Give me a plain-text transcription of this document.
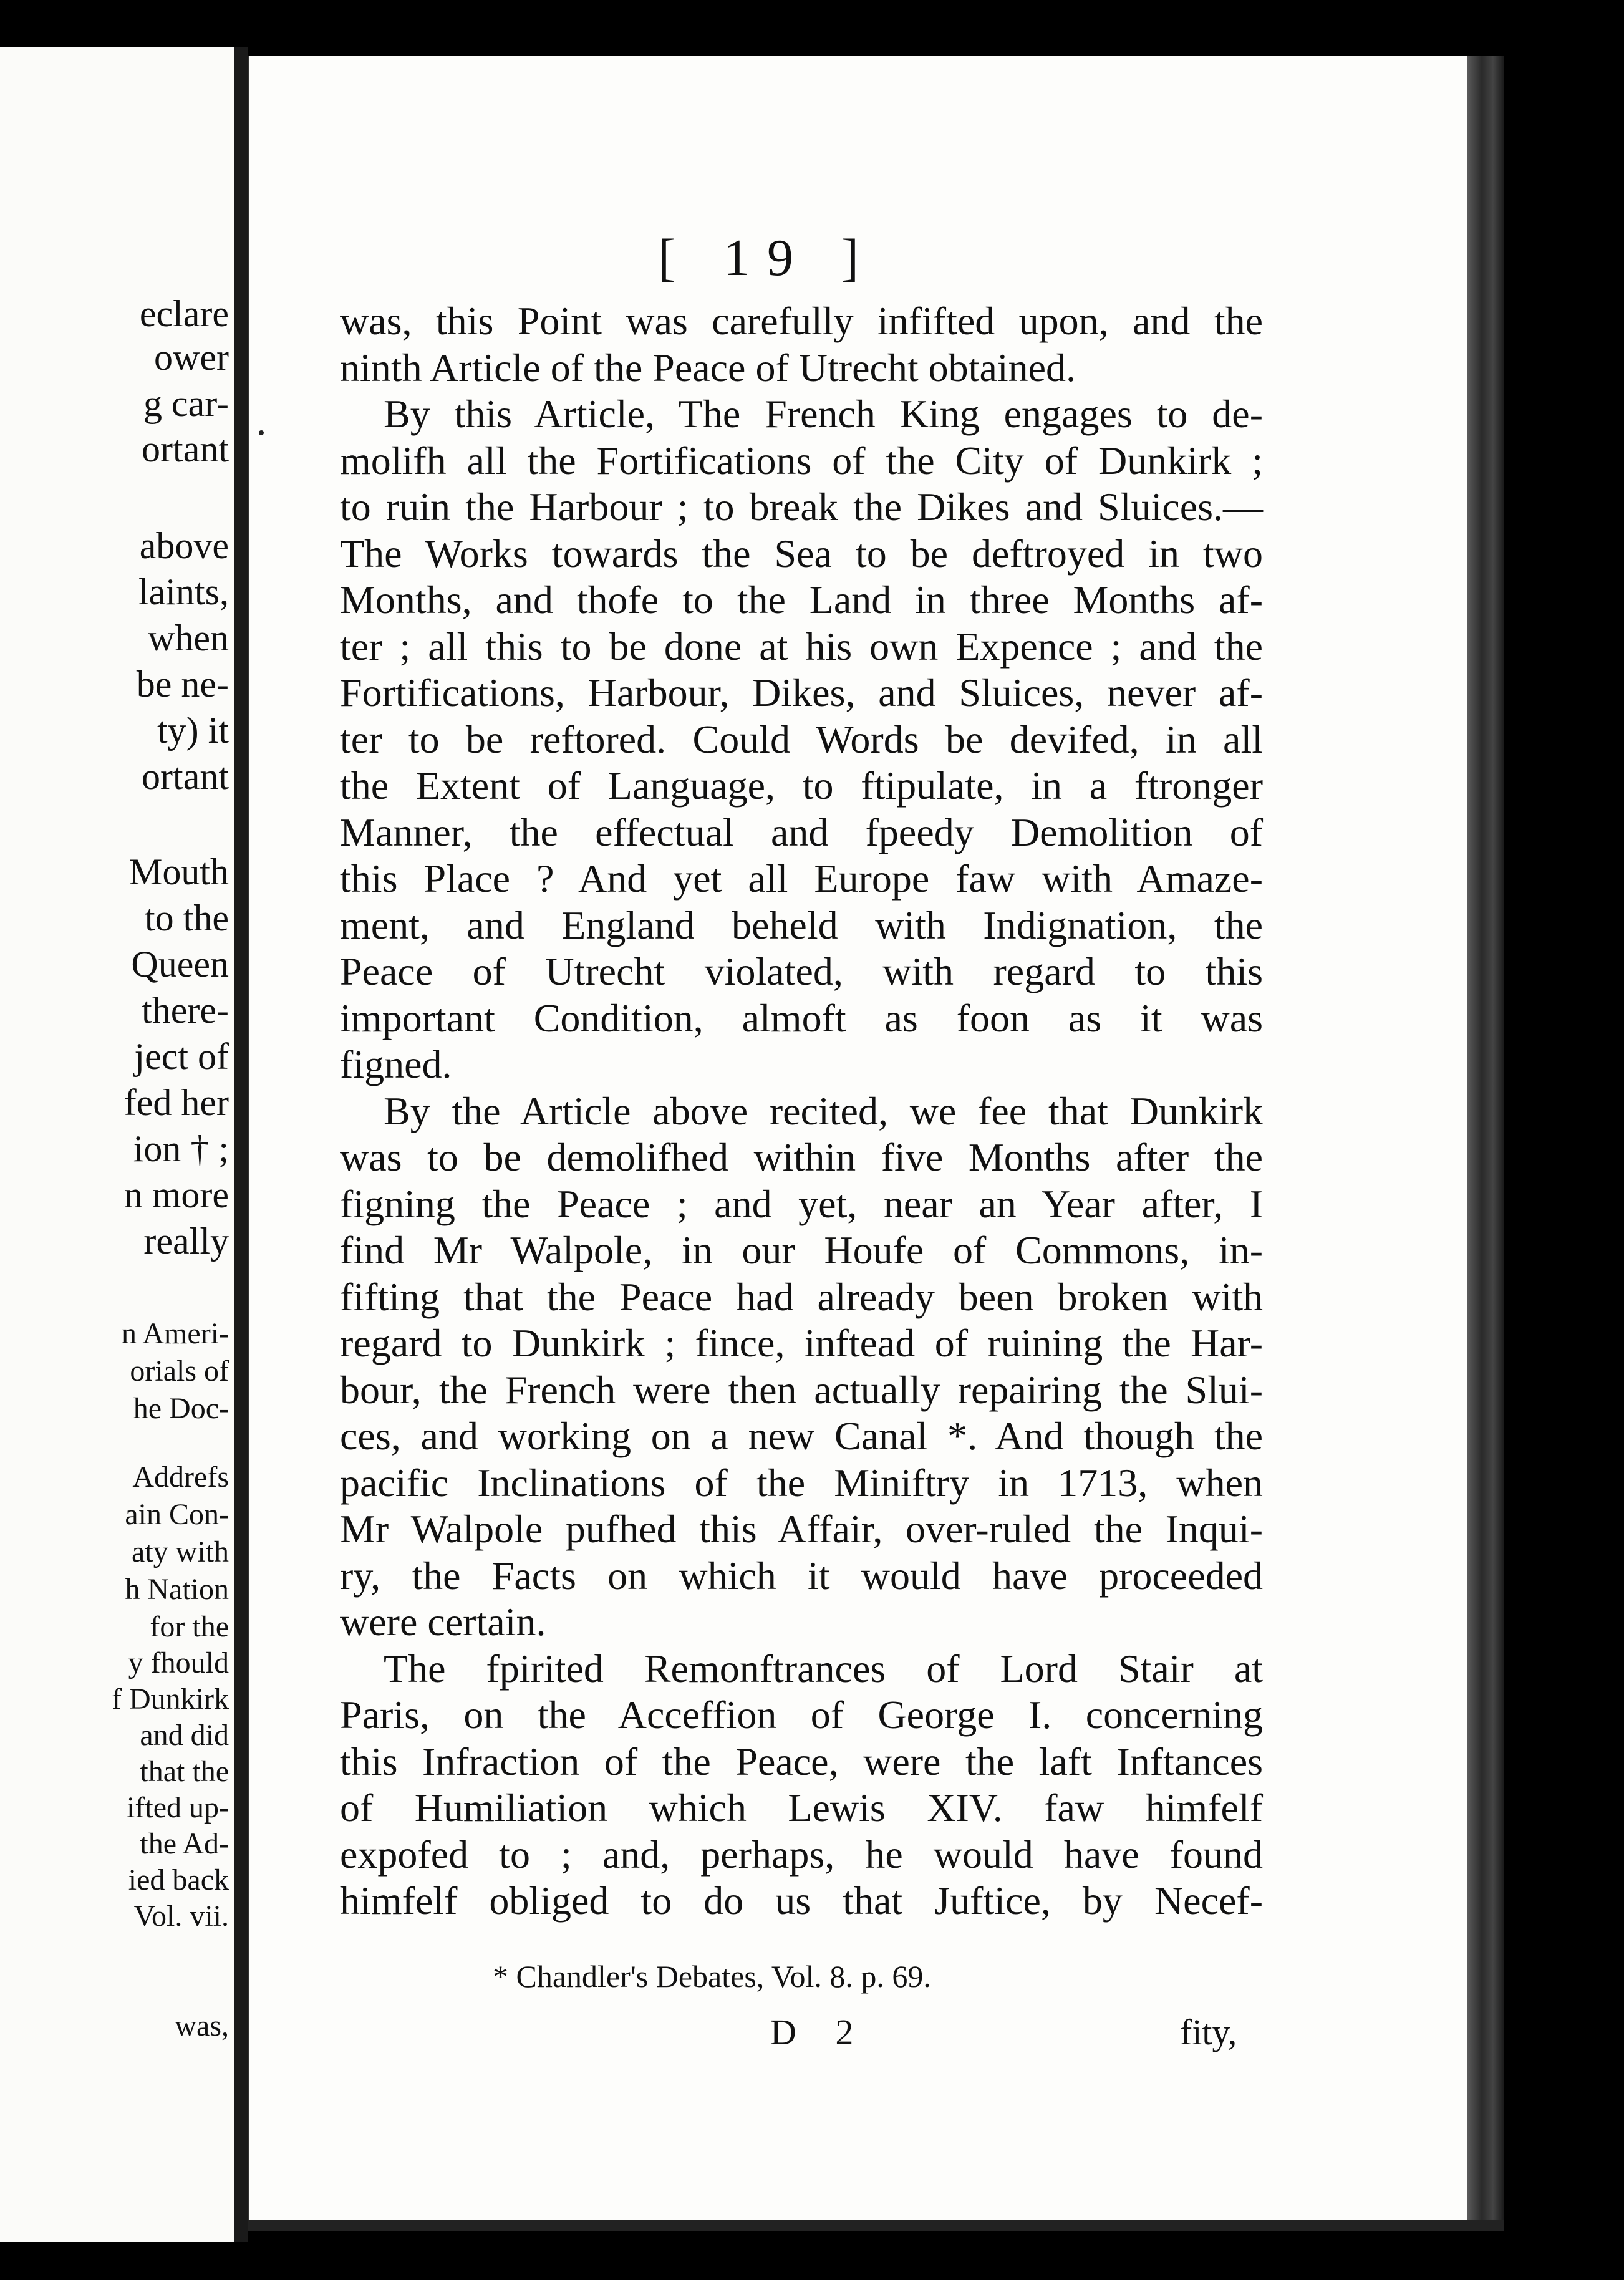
eclare
ower
g car-
ortant
above
laints,
when
be ne-
ty) it
ortant
Mouth
to the
Queen
there-
ject of
fed her
ion † ;
n more
really
n Ameri-
orials of
he Doc-
Addrefs
ain Con-
aty with
h Nation
for the
y fhould
f Dunkirk
and did
that the
ifted up-
the Ad-
ied back
Vol. vii.
was,
[ 19 ]
was, this Point was carefully infifted upon, and the
ninth Article of the Peace of Utrecht obtained.
By this Article, The French King engages to de-
molifh all the Fortifications of the City of Dunkirk ;
to ruin the Harbour ; to break the Dikes and Sluices.—
The Works towards the Sea to be deftroyed in two
Months, and thofe to the Land in three Months af-
ter ; all this to be done at his own Expence ; and the
Fortifications, Harbour, Dikes, and Sluices, never af-
ter to be reftored. Could Words be devifed, in all
the Extent of Language, to ftipulate, in a ftronger
Manner, the effectual and fpeedy Demolition of
this Place ? And yet all Europe faw with Amaze-
ment, and England beheld with Indignation, the
Peace of Utrecht violated, with regard to this
important Condition, almoft as foon as it was
figned.
By the Article above recited, we fee that Dunkirk
was to be demolifhed within five Months after the
figning the Peace ; and yet, near an Year after, I
find Mr Walpole, in our Houfe of Commons, in-
fifting that the Peace had already been broken with
regard to Dunkirk ; fince, inftead of ruining the Har-
bour, the French were then actually repairing the Slui-
ces, and working on a new Canal *. And though the
pacific Inclinations of the Miniftry in 1713, when
Mr Walpole pufhed this Affair, over-ruled the Inqui-
ry, the Facts on which it would have proceeded
were certain.
The fpirited Remonftrances of Lord Stair at
Paris, on the Acceffion of George I. concerning
this Infraction of the Peace, were the laft Inftances
of Humiliation which Lewis XIV. faw himfelf
expofed to ; and, perhaps, he would have found
himfelf obliged to do us that Juftice, by Necef-
* Chandler's Debates, Vol. 8. p. 69.
D 2	fity,
